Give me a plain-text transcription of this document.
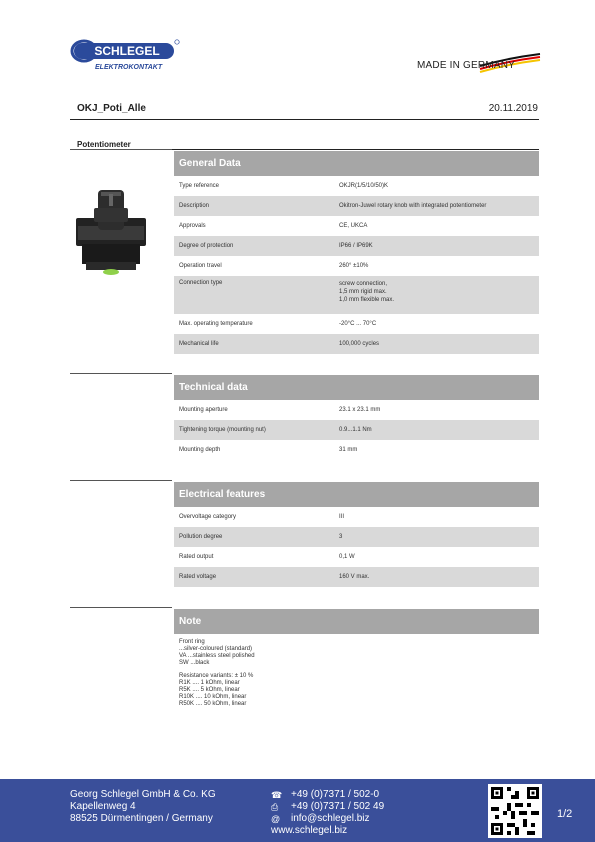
SCHLEGEL
ELEKTROKONTAKT	MADE IN GERMANY
OKJ_Poti_Alle	20.11.2019
Potentiometer
General Data
Type reference	OKJR(1/5/10/50)K
Description	Okitron-Juwel rotary knob with integrated potentiometer
Approvals	CE, UKCA
Degree of protection	IP66 / IP69K
Operation travel	260° ±10%
Connection type	screw connection,
1,5 mm rigid max.
1,0 mm flexible max.
Max. operating temperature	-20°C ... 70°C
Mechanical life	100,000 cycles
Technical data
Mounting aperture	23.1 x 23.1 mm
Tightening torque (mounting nut)	0.9...1.1 Nm
Mounting depth	31 mm
Electrical features
Overvoltage category	III
Pollution degree	3
Rated output	0,1 W
Rated voltage	160 V max.
Note
Front ring
...silver-coloured (standard)
VA ...stainless steel polished
SW ...black
Resistance variants: ± 10 %
R1K .... 1 kOhm, linear
R5K .... 5 kOhm, linear
R10K .... 10 kOhm, linear
R50K .... 50 kOhm, linear
Georg Schlegel GmbH & Co. KG
Kapellenweg 4
88525 Dürmentingen / Germany
☎ +49 (0)7371 / 502-0
⎙	+49 (0)7371 / 502 49
@	info@schlegel.biz
www.schlegel.biz
1/2
